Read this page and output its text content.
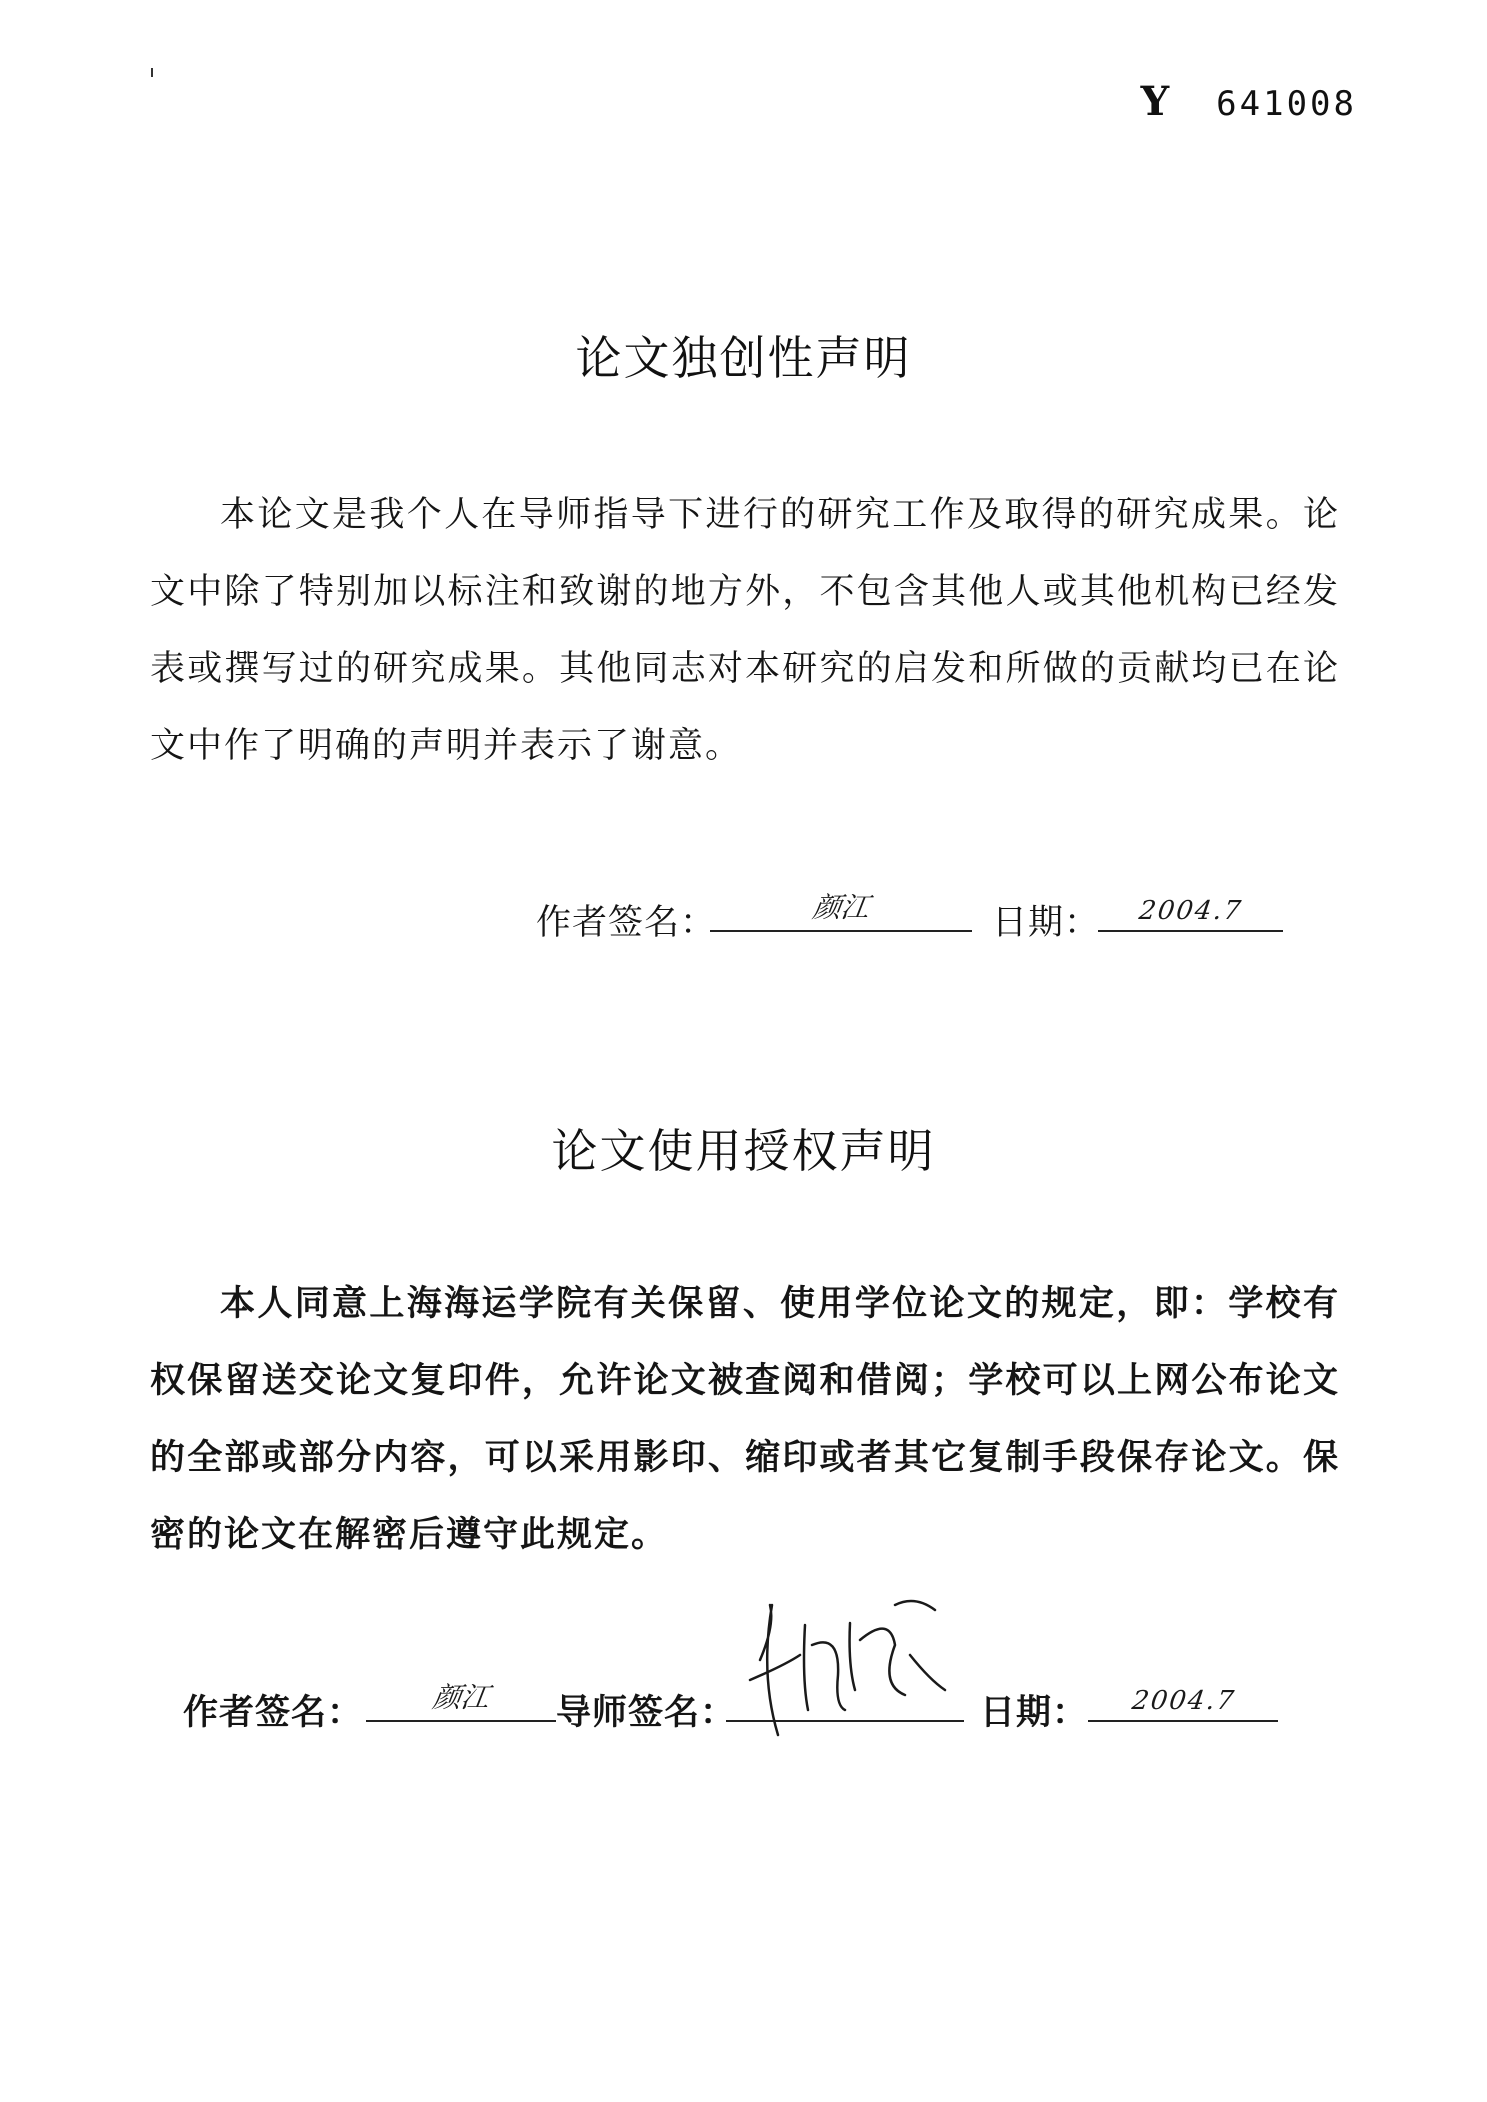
Y 641008
论文独创性声明
本论文是我个人在导师指导下进行的研究工作及取得的研究成果。论文中除了特别加以标注和致谢的地方外，不包含其他人或其他机构已经发表或撰写过的研究成果。其他同志对本研究的启发和所做的贡献均已在论文中作了明确的声明并表示了谢意。
作者签名：	颜江	日期： 2004.7
论文使用授权声明
本人同意上海海运学院有关保留、使用学位论文的规定，即：学校有权保留送交论文复印件，允许论文被查阅和借阅；学校可以上网公布论文的全部或部分内容，可以采用影印、缩印或者其它复制手段保存论文。保密的论文在解密后遵守此规定。
作者签名： 颜江 导师签名：	日期： 2004.7
